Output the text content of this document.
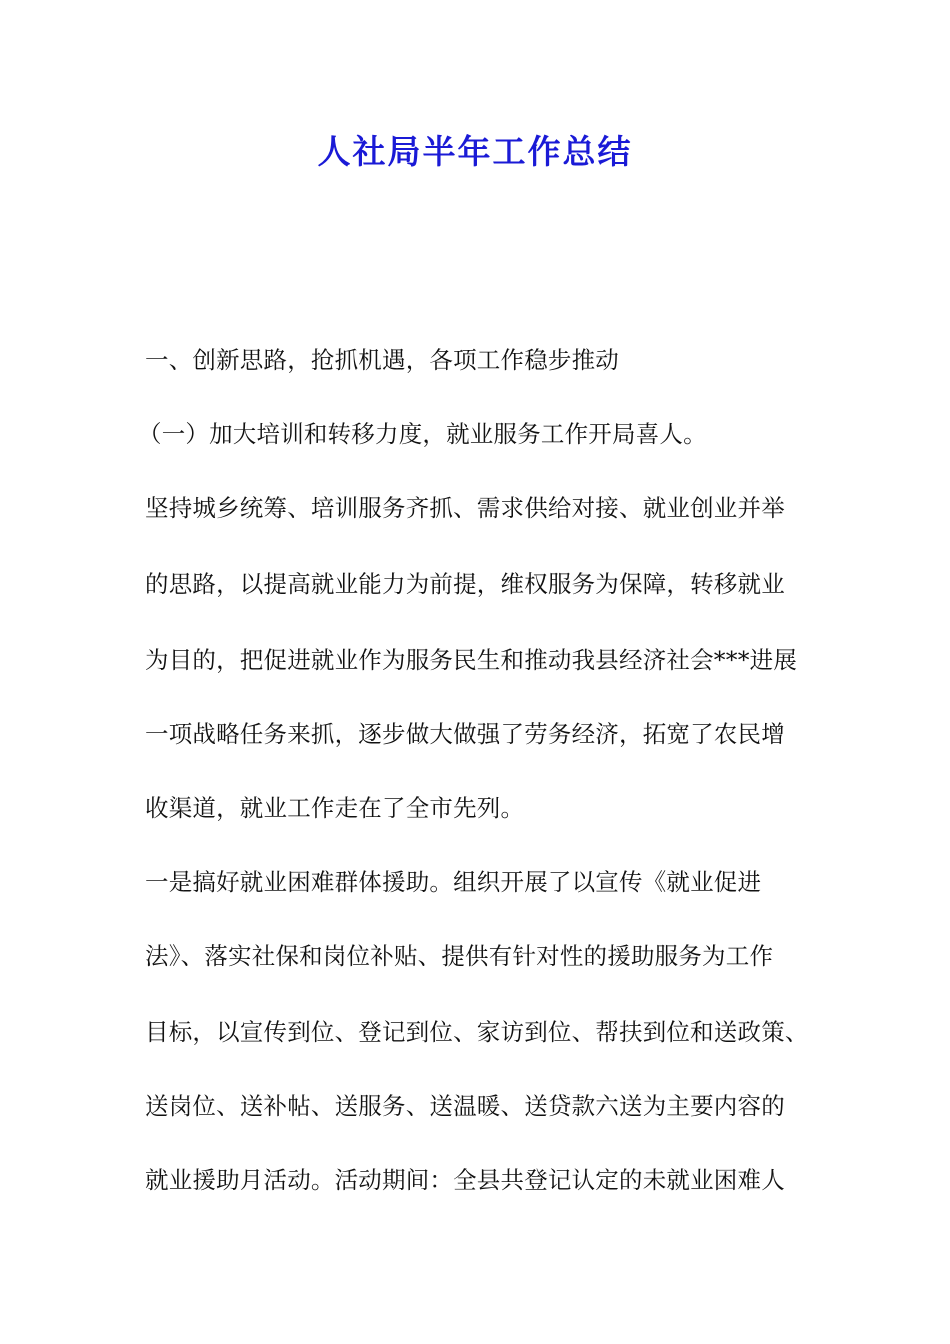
人社局半年工作总结
一、创新思路，抢抓机遇，各项工作稳步推动
（一）加大培训和转移力度，就业服务工作开局喜人。
坚持城乡统筹、培训服务齐抓、需求供给对接、就业创业并举
的思路，以提高就业能力为前提，维权服务为保障，转移就业
为目的，把促进就业作为服务民生和推动我县经济社会***进展
一项战略任务来抓，逐步做大做强了劳务经济，拓宽了农民增
收渠道，就业工作走在了全市先列。
一是搞好就业困难群体援助。组织开展了以宣传《就业促进
法》、落实社保和岗位补贴、提供有针对性的援助服务为工作
目标，以宣传到位、登记到位、家访到位、帮扶到位和送政策、
送岗位、送补帖、送服务、送温暖、送贷款六送为主要内容的
就业援助月活动。活动期间：全县共登记认定的未就业困难人
